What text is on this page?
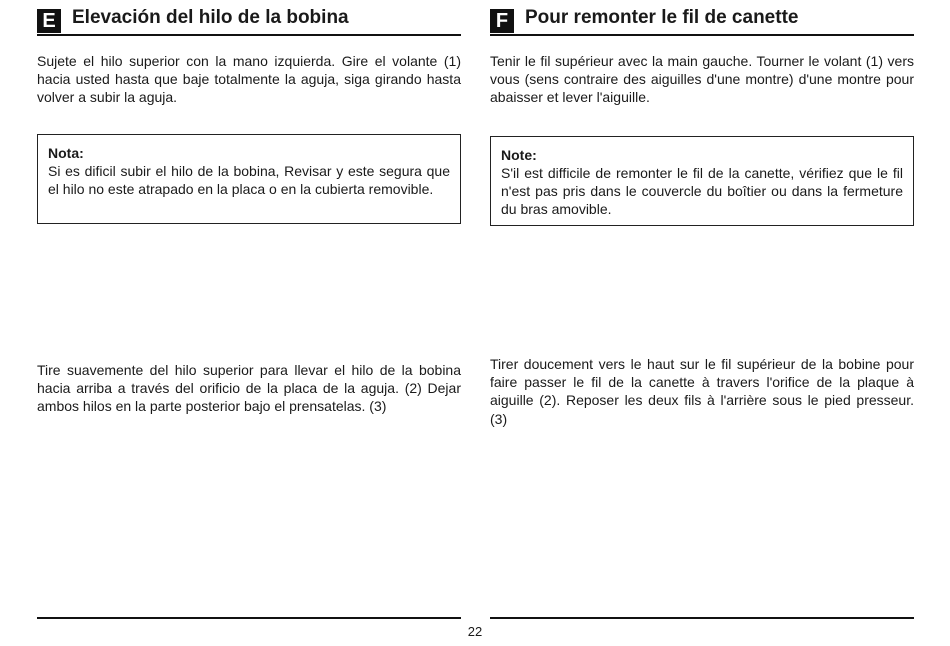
E Elevación del hilo de la bobina

Sujete el hilo superior con la mano izquierda. Gire el volante (1) hacia usted hasta que baje totalmente la aguja, siga girando hasta volver a subir la aguja.

Nota:

Si es dificil subir el hilo de la bobina, Revisar y este segura que el hilo no este atrapado en la placa o en la cubierta removible.

Tire suavemente del hilo superior para llevar el hilo de la bobina hacia arriba a través del orificio de la placa de la aguja. (2) Dejar ambos hilos en la parte posterior bajo el prensatelas. (3)

F Pour remonter le fil de canette

Tenir le fil supérieur avec la main gauche. Tourner le volant (1) vers vous (sens contraire des aiguilles d'une montre) d'une montre pour abaisser et lever l'aiguille.

Note:

S'il est difficile de remonter le fil de la canette, vérifiez que le fil n'est pas pris dans le couvercle du boîtier ou dans la fermeture du bras amovible.

Tirer doucement vers le haut sur le fil supérieur de la bobine pour faire passer le fil de la canette à travers l'orifice de la plaque à aiguille (2). Reposer les deux fils à l'arrière sous le pied presseur. (3)

22
